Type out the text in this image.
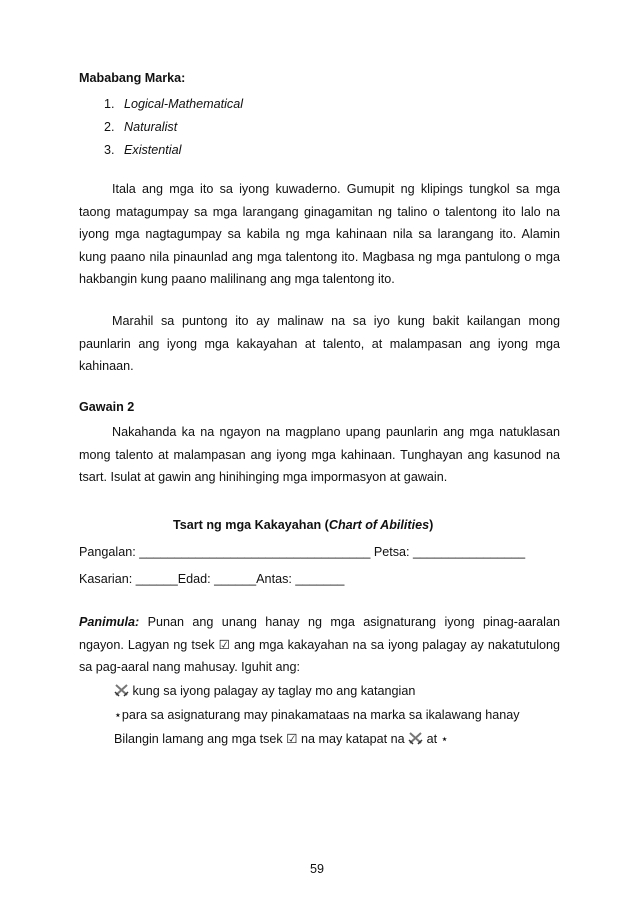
Mababang Marka:
1. Logical-Mathematical
2. Naturalist
3. Existential
Itala ang mga ito sa iyong kuwaderno. Gumupit ng klipings tungkol sa mga taong matagumpay sa mga larangang ginagamitan ng talino o talentong ito lalo na iyong mga nagtagumpay sa kabila ng mga kahinaan nila sa larangang ito. Alamin kung paano nila pinaunlad ang mga talentong ito. Magbasa ng mga pantulong o mga hakbangin kung paano malilinang ang mga talentong ito.
Marahil sa puntong ito ay malinaw na sa iyo kung bakit kailangan mong paunlarin ang iyong mga kakayahan at talento, at malampasan ang iyong mga kahinaan.
Gawain 2
Nakahanda ka na ngayon na magplano upang paunlarin ang mga natuklasan mong talento at malampasan ang iyong mga kahinaan. Tunghayan ang kasunod na tsart. Isulat at gawin ang hinihinging mga impormasyon at gawain.
Tsart ng mga Kakayahan (Chart of Abilities)
Pangalan: _________________________________ Petsa: ________________
Kasarian: ______Edad: ______Antas: _______
Panimula: Punan ang unang hanay ng mga asignaturang iyong pinag-aaralan ngayon. Lagyan ng tsek ☑ ang mga kakayahan na sa iyong palagay ay nakatutulong sa pag-aaral nang mahusay. Iguhit ang:
kung sa iyong palagay ay taglay mo ang katangian
⋆para sa asignaturang may pinakamataas na marka sa ikalawang hanay
Bilangin lamang ang mga tsek ☑ na may katapat na  at ⋆
59
